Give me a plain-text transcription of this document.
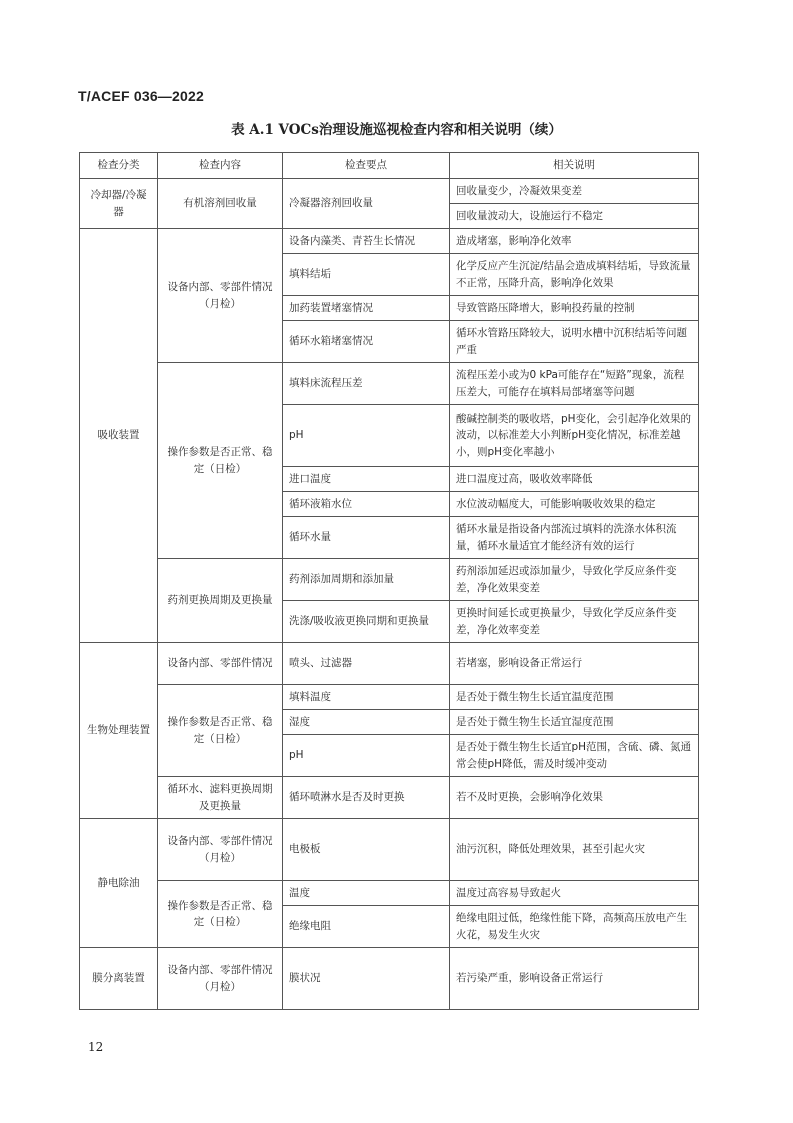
T/ACEF 036—2022
表 A.1 VOCs治理设施巡视检查内容和相关说明（续）
检查分类	检查内容	检查要点	相关说明
冷却器/冷凝器	有机溶剂回收量	冷凝器溶剂回收量	回收量变少，冷凝效果变差
			回收量波动大，设施运行不稳定
吸收装置	设备内部、零部件情况（月检）	设备内藻类、青苔生长情况	造成堵塞，影响净化效率
		填料结垢	化学反应产生沉淀/结晶会造成填料结垢，导致流量不正常，压降升高，影响净化效果
		加药装置堵塞情况	导致管路压降增大，影响投药量的控制
		循环水箱堵塞情况	循环水管路压降较大，说明水槽中沉积结垢等问题严重
	操作参数是否正常、稳定（日检）	填料床流程压差	流程压差小或为0 kPa可能存在“短路”现象，流程压差大，可能存在填料局部堵塞等问题
		pH	酸碱控制类的吸收塔，pH变化，会引起净化效果的波动，以标准差大小判断pH变化情况，标准差越小，则pH变化率越小
		进口温度	进口温度过高，吸收效率降低
		循环液箱水位	水位波动幅度大，可能影响吸收效果的稳定
		循环水量	循环水量是指设备内部流过填料的洗涤水体积流量，循环水量适宜才能经济有效的运行
	药剂更换周期及更换量	药剂添加周期和添加量	药剂添加延迟或添加量少，导致化学反应条件变差，净化效果变差
		洗涤/吸收液更换同期和更换量	更换时间延长或更换量少，导致化学反应条件变差，净化效率变差
生物处理装置	设备内部、零部件情况	喷头、过滤器	若堵塞，影响设备正常运行
	操作参数是否正常、稳定（日检）	填料温度	是否处于微生物生长适宜温度范围
		湿度	是否处于微生物生长适宜湿度范围
		pH	是否处于微生物生长适宜pH范围，含硫、磷、氮通常会使pH降低，需及时缓冲变动
	循环水、滤料更换周期及更换量	循环喷淋水是否及时更换	若不及时更换，会影响净化效果
静电除油	设备内部、零部件情况（月检）	电极板	油污沉积，降低处理效果，甚至引起火灾
	操作参数是否正常、稳定（日检）	温度	温度过高容易导致起火
		绝缘电阻	绝缘电阻过低，绝缘性能下降，高频高压放电产生火花，易发生火灾
膜分离装置	设备内部、零部件情况（月检）	膜状况	若污染严重，影响设备正常运行
12
